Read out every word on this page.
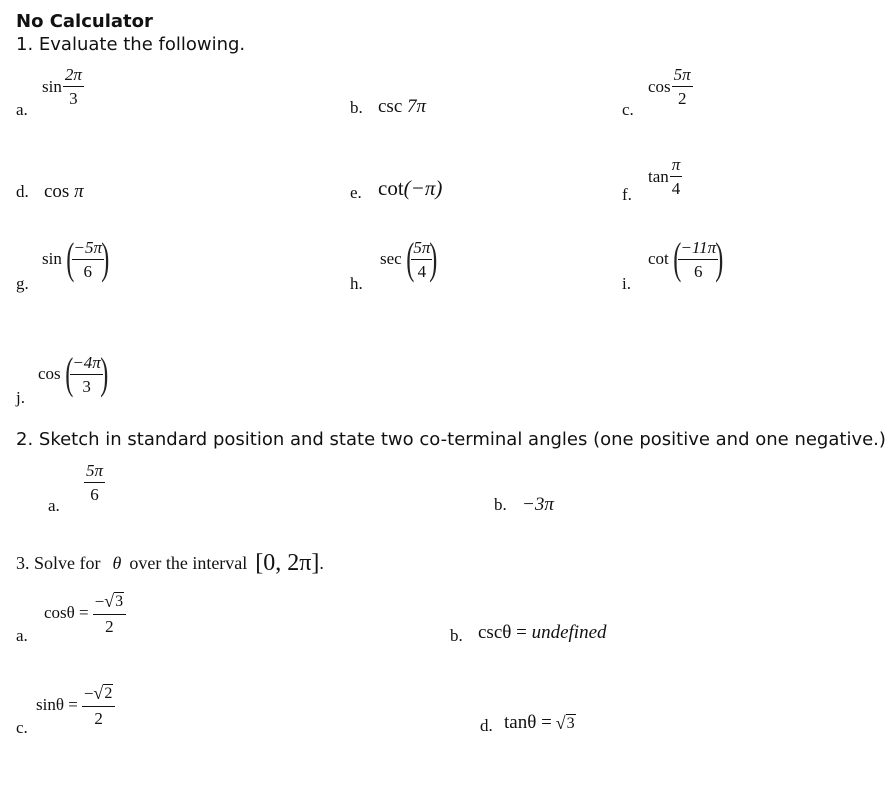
No Calculator
1. Evaluate the following.
a.
$\sin \frac{2\pi}{3}$
b. csc 7π	c.
$\cos \frac{5\pi}{2}$
d. cos π	e. cot(−π)	f.
$\tan \frac{\pi}{4}$
g.
sin (
$\frac{-5\pi}{6}$
)
h.
sec (
$\frac{5\pi}{4}$
)
i.
cot (
$\frac{-11\pi}{6}$
)
j.
cos (
$\frac{-4\pi}{3}$
)
2. Sketch in standard position and state two co-terminal angles (one positive and one negative.)
a.
$\frac{5\pi}{6}$
b. −3π
3. Solve for θ over the interval [0, 2π] .
a.
$\cos\theta = \frac{- √ 3}{2}$
b. cscθ = undefined
c.
$\sin\theta = \frac{- √ 2}{2}$	d. tanθ = √ 3
